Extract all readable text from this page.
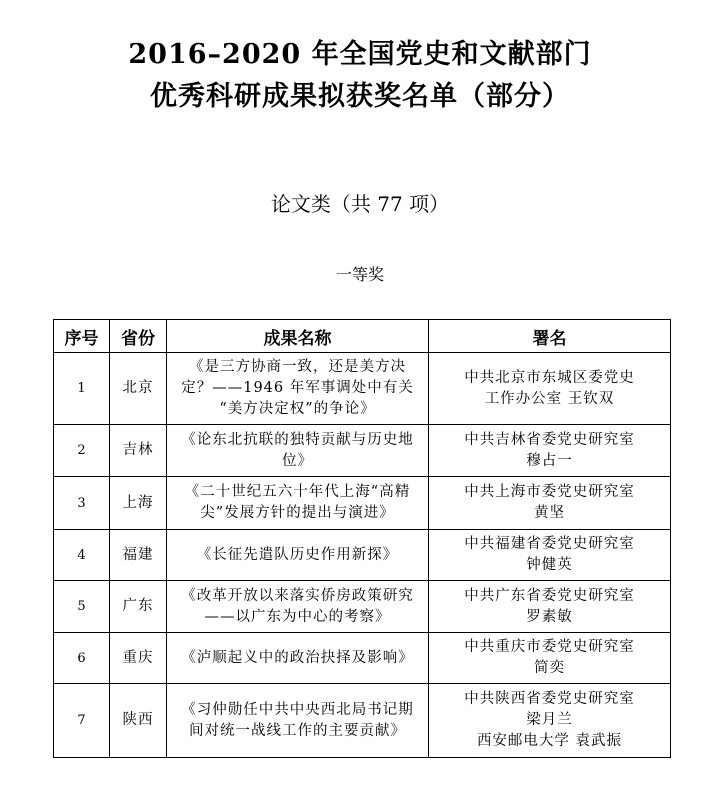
2016–2020 年全国党史和文献部门
优秀科研成果拟获奖名单（部分）
论文类（共 77 项）
一等奖
序号	省份	成果名称	署名
1	北京	《是三方协商一致，还是美方决
定？——1946 年军事调处中有关
“美方决定权”的争论》	中共北京市东城区委党史
工作办公室 王钦双

2	吉林	《论东北抗联的独特贡献与历史地
位》	中共吉林省委党史研究室
穆占一

3	上海	《二十世纪五六十年代上海“高精
尖”发展方针的提出与演进》	中共上海市委党史研究室
黄坚

4	福建	《长征先遣队历史作用新探》	中共福建省委党史研究室
钟健英

5	广东	《改革开放以来落实侨房政策研究
——以广东为中心的考察》	中共广东省委党史研究室
罗素敏

6	重庆	《泸顺起义中的政治抉择及影响》	中共重庆市委党史研究室
简奕

7	陕西	《习仲勋任中共中央西北局书记期
间对统一战线工作的主要贡献》	中共陕西省委党史研究室
梁月兰
西安邮电大学 袁武振
